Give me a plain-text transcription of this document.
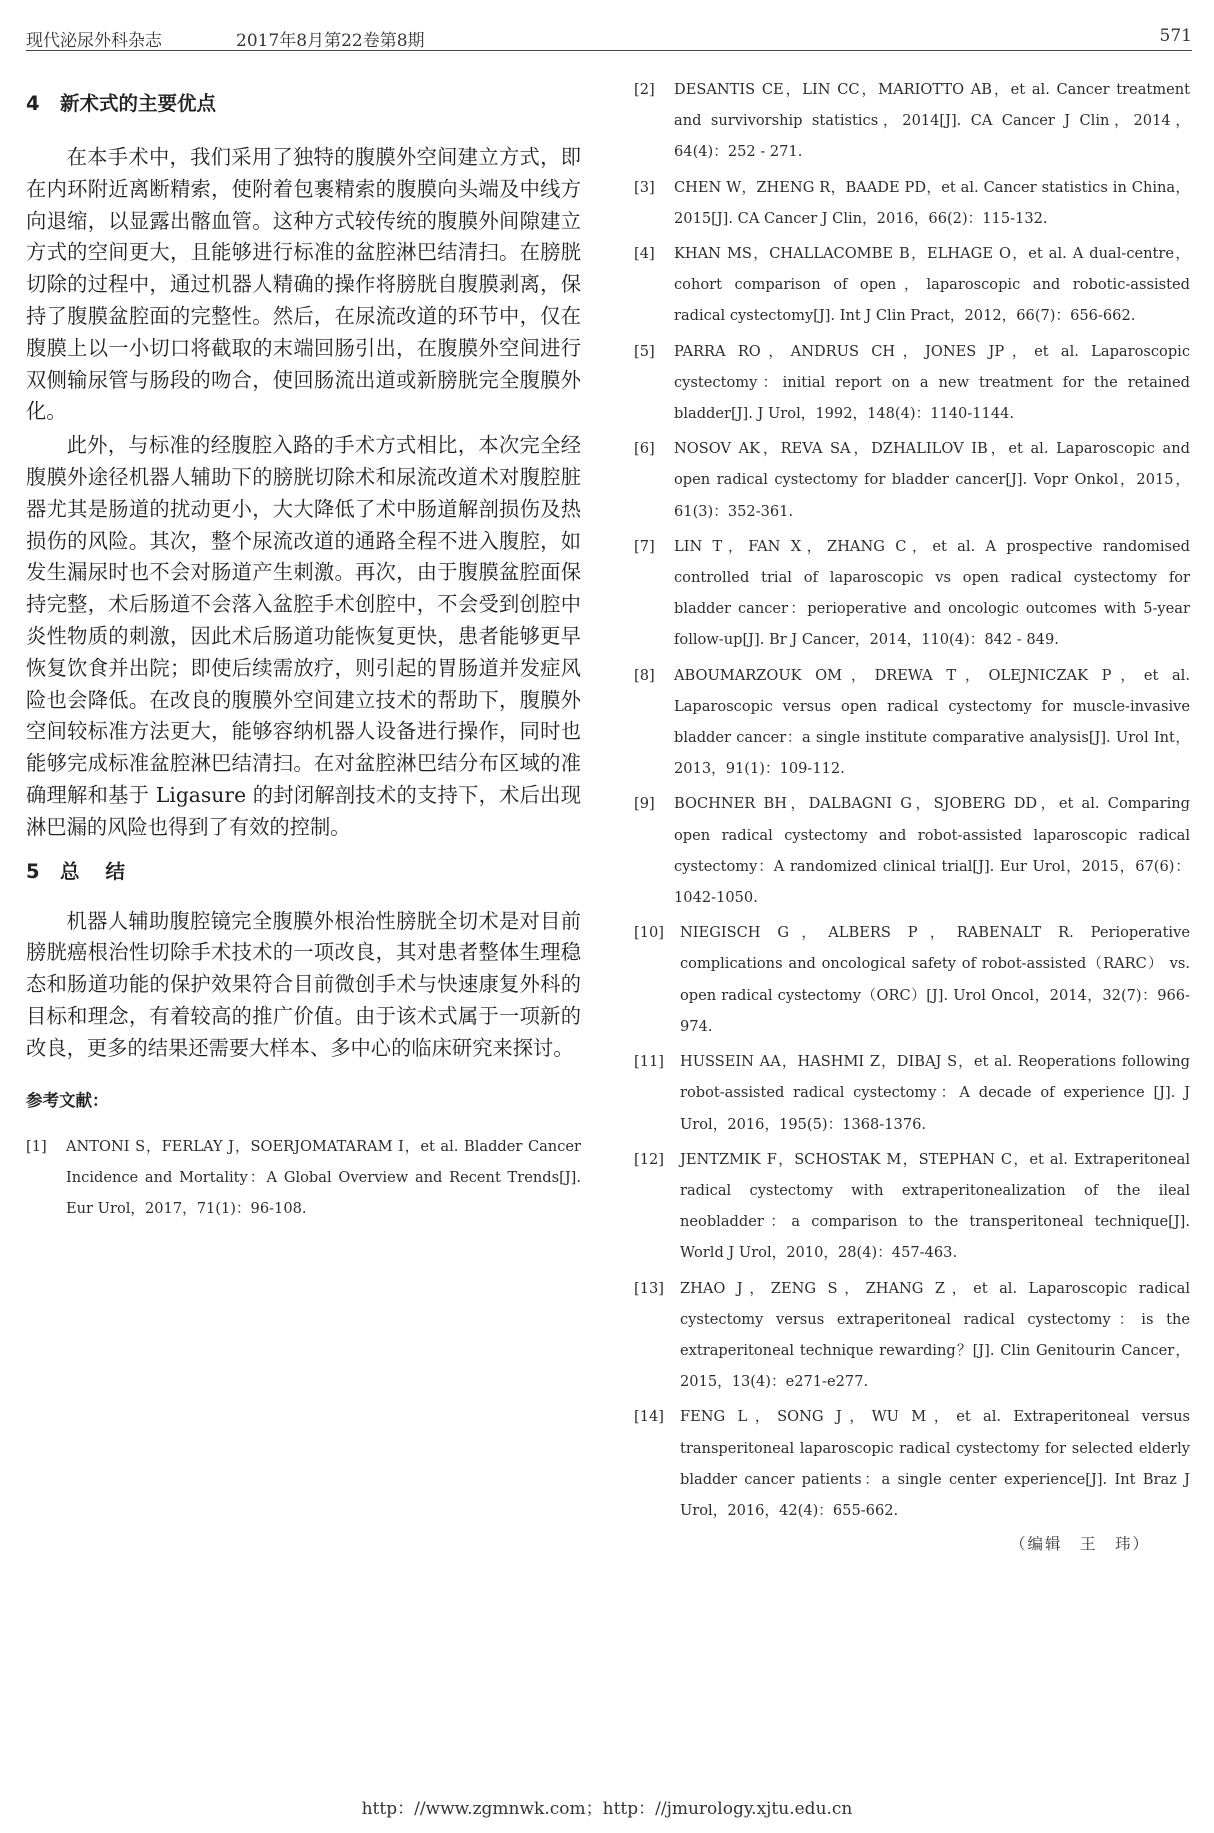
现代泌尿外科杂志	2017年8月第22卷第8期	571
4 新术式的主要优点

在本手术中，我们采用了独特的腹膜外空间建立方式，即在内环附近离断精索，使附着包裹精索的腹膜向头端及中线方向退缩，以显露出髂血管。这种方式较传统的腹膜外间隙建立方式的空间更大，且能够进行标准的盆腔淋巴结清扫。在膀胱切除的过程中，通过机器人精确的操作将膀胱自腹膜剥离，保持了腹膜盆腔面的完整性。然后，在尿流改道的环节中，仅在腹膜上以一小切口将截取的末端回肠引出，在腹膜外空间进行双侧输尿管与肠段的吻合，使回肠流出道或新膀胱完全腹膜外化。

此外，与标准的经腹腔入路的手术方式相比，本次完全经腹膜外途径机器人辅助下的膀胱切除术和尿流改道术对腹腔脏器尤其是肠道的扰动更小，大大降低了术中肠道解剖损伤及热损伤的风险。其次，整个尿流改道的通路全程不进入腹腔，如发生漏尿时也不会对肠道产生刺激。再次，由于腹膜盆腔面保持完整，术后肠道不会落入盆腔手术创腔中，不会受到创腔中炎性物质的刺激，因此术后肠道功能恢复更快，患者能够更早恢复饮食并出院；即使后续需放疗，则引起的胃肠道并发症风险也会降低。在改良的腹膜外空间建立技术的帮助下，腹膜外空间较标准方法更大，能够容纳机器人设备进行操作，同时也能够完成标准盆腔淋巴结清扫。在对盆腔淋巴结分布区域的准确理解和基于 Ligasure 的封闭解剖技术的支持下，术后出现淋巴漏的风险也得到了有效的控制。

5 总结

机器人辅助腹腔镜完全腹膜外根治性膀胱全切术是对目前膀胱癌根治性切除手术技术的一项改良，其对患者整体生理稳态和肠道功能的保护效果符合目前微创手术与快速康复外科的目标和理念，有着较高的推广价值。由于该术式属于一项新的改良，更多的结果还需要大样本、多中心的临床研究来探讨。

参考文献：
[1] ANTONI S，FERLAY J，SOERJOMATARAM I，et al. Bladder Cancer Incidence and Mortality：A Global Overview and Recent Trends[J]. Eur Urol，2017，71(1)：96-108.
[2] DESANTIS CE，LIN CC，MARIOTTO AB，et al. Cancer treatment and survivorship statistics，2014[J]. CA Cancer J Clin，2014，64(4)：252 - 271.
[3] CHEN W，ZHENG R，BAADE PD，et al. Cancer statistics in China，2015[J]. CA Cancer J Clin，2016，66(2)：115-132.
[4] KHAN MS，CHALLACOMBE B，ELHAGE O，et al. A dual-centre，cohort comparison of open，laparoscopic and robotic-assisted radical cystectomy[J]. Int J Clin Pract，2012，66(7)：656-662.
[5] PARRA RO，ANDRUS CH，JONES JP，et al. Laparoscopic cystectomy：initial report on a new treatment for the retained bladder[J]. J Urol，1992，148(4)：1140-1144.
[6] NOSOV AK，REVA SA，DZHALILOV IB，et al. Laparoscopic and open radical cystectomy for bladder cancer[J]. Vopr Onkol，2015，61(3)：352-361.
[7] LIN T，FAN X，ZHANG C，et al. A prospective randomised controlled trial of laparoscopic vs open radical cystectomy for bladder cancer：perioperative and oncologic outcomes with 5-year follow-up[J]. Br J Cancer，2014，110(4)：842 - 849.
[8] ABOUMARZOUK OM，DREWA T，OLEJNICZAK P，et al. Laparoscopic versus open radical cystectomy for muscle-invasive bladder cancer：a single institute comparative analysis[J]. Urol Int，2013，91(1)：109-112.
[9] BOCHNER BH，DALBAGNI G，SJOBERG DD，et al. Comparing open radical cystectomy and robot-assisted laparoscopic radical cystectomy：A randomized clinical trial[J]. Eur Urol，2015，67(6)：1042-1050.
[10] NIEGISCH G，ALBERS P，RABENALT R. Perioperative complications and oncological safety of robot-assisted（RARC） vs. open radical cystectomy（ORC）[J]. Urol Oncol，2014，32(7)：966-974.
[11] HUSSEIN AA，HASHMI Z，DIBAJ S，et al. Reoperations following robot-assisted radical cystectomy：A decade of experience [J]. J Urol，2016，195(5)：1368-1376.
[12] JENTZMIK F，SCHOSTAK M，STEPHAN C，et al. Extraperitoneal radical cystectomy with extraperitonealization of the ileal neobladder：a comparison to the transperitoneal technique[J]. World J Urol，2010，28(4)：457-463.
[13] ZHAO J，ZENG S，ZHANG Z，et al. Laparoscopic radical cystectomy versus extraperitoneal radical cystectomy：is the extraperitoneal technique rewarding？[J]. Clin Genitourin Cancer，2015，13(4)：e271-e277.
[14] FENG L，SONG J，WU M，et al. Extraperitoneal versus transperitoneal laparoscopic radical cystectomy for selected elderly bladder cancer patients：a single center experience[J]. Int Braz J Urol，2016，42(4)：655-662.
（编辑　王　玮）
http：//www.zgmnwk.com；http：//jmurology.xjtu.edu.cn
